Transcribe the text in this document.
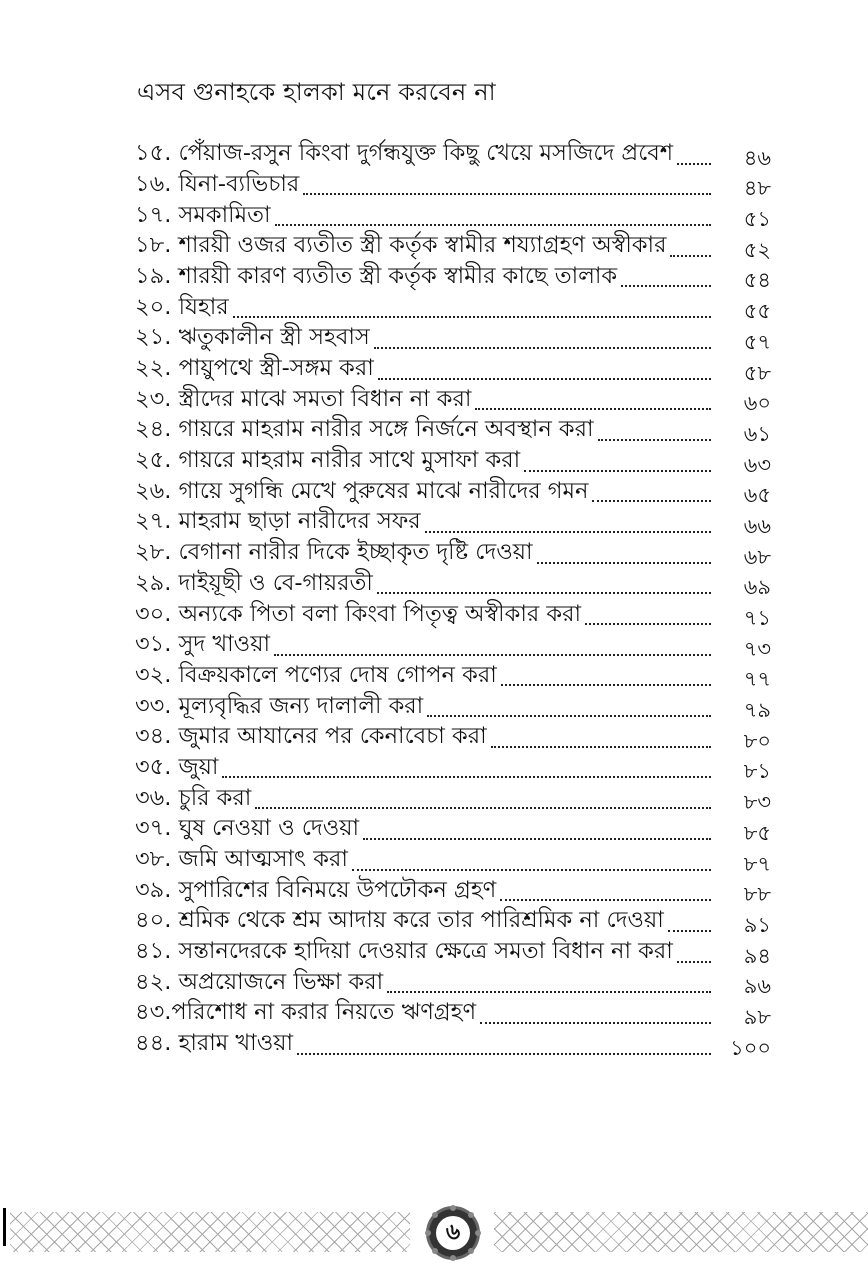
এসব গুনাহকে হালকা মনে করবেন না
১৫. পেঁয়াজ-রসুন কিংবা দুর্গন্ধযুক্ত কিছু খেয়ে মসজিদে প্রবেশ	৪৬
১৬. যিনা-ব্যভিচার	৪৮
১৭. সমকামিতা	৫১
১৮. শারয়ী ওজর ব্যতীত স্ত্রী কর্তৃক স্বামীর শয্যাগ্রহণ অস্বীকার	৫২
১৯. শারয়ী কারণ ব্যতীত স্ত্রী কর্তৃক স্বামীর কাছে তালাক	৫৪
২০. যিহার	৫৫
২১. ঋতুকালীন স্ত্রী সহবাস	৫৭
২২. পায়ুপথে স্ত্রী-সঙ্গম করা	৫৮
২৩. স্ত্রীদের মাঝে সমতা বিধান না করা	৬০
২৪. গায়রে মাহরাম নারীর সঙ্গে নির্জনে অবস্থান করা	৬১
২৫. গায়রে মাহরাম নারীর সাথে মুসাফা করা	৬৩
২৬. গায়ে সুগন্ধি মেখে পুরুষের মাঝে নারীদের গমন	৬৫
২৭. মাহরাম ছাড়া নারীদের সফর	৬৬
২৮. বেগানা নারীর দিকে ইচ্ছাকৃত দৃষ্টি দেওয়া	৬৮
২৯. দাইয়ূছী ও বে-গায়রতী	৬৯
৩০. অন্যকে পিতা বলা কিংবা পিতৃত্ব অস্বীকার করা	৭১
৩১. সুদ খাওয়া	৭৩
৩২. বিক্রয়কালে পণ্যের দোষ গোপন করা	৭৭
৩৩. মূল্যবৃদ্ধির জন্য দালালী করা	৭৯
৩৪. জুমার আযানের পর কেনাবেচা করা	৮০
৩৫. জুয়া	৮১
৩৬. চুরি করা	৮৩
৩৭. ঘুষ নেওয়া ও দেওয়া	৮৫
৩৮. জমি আত্মসাৎ করা	৮৭
৩৯. সুপারিশের বিনিময়ে উপঢৌকন গ্রহণ	৮৮
৪০. শ্রমিক থেকে শ্রম আদায় করে তার পারিশ্রমিক না দেওয়া	৯১
৪১. সন্তানদেরকে হাদিয়া দেওয়ার ক্ষেত্রে সমতা বিধান না করা	৯৪
৪২. অপ্রয়োজনে ভিক্ষা করা	৯৬
৪৩.পরিশোধ না করার নিয়তে ঋণগ্রহণ	৯৮
৪৪. হারাম খাওয়া	১০০
৬
